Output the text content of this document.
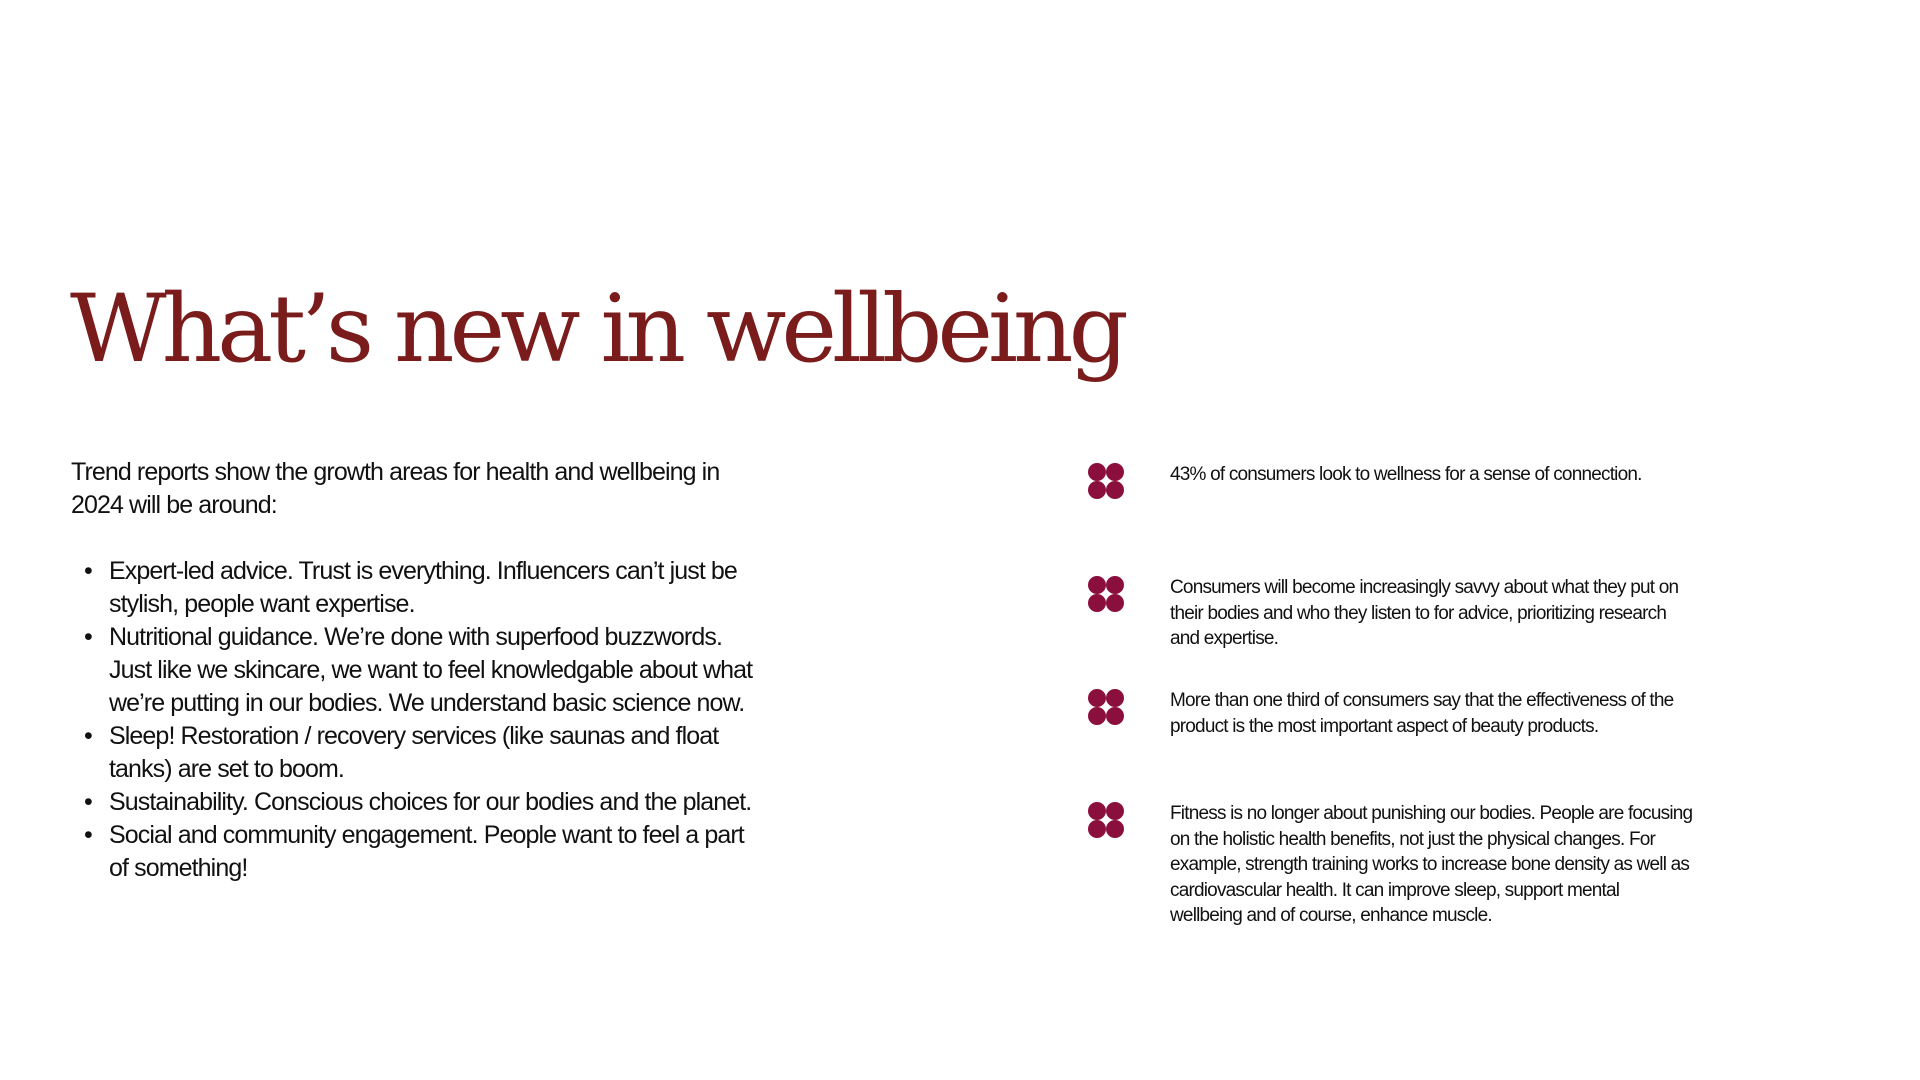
What’s new in wellbeing

Trend reports show the growth areas for health and wellbeing in 2024 will be around:

• Expert-led advice. Trust is everything. Influencers can’t just be stylish, people want expertise.
• Nutritional guidance. We’re done with superfood buzzwords. Just like we skincare, we want to feel knowledgable about what we’re putting in our bodies. We understand basic science now.
• Sleep! Restoration / recovery services (like saunas and float tanks) are set to boom.
• Sustainability. Conscious choices for our bodies and the planet.
• Social and community engagement. People want to feel a part of something!

43% of consumers look to wellness for a sense of connection.

Consumers will become increasingly savvy about what they put on their bodies and who they listen to for advice, prioritizing research and expertise.

More than one third of consumers say that the effectiveness of the product is the most important aspect of beauty products.

Fitness is no longer about punishing our bodies. People are focusing on the holistic health benefits, not just the physical changes. For example, strength training works to increase bone density as well as cardiovascular health. It can improve sleep, support mental wellbeing and of course, enhance muscle.
